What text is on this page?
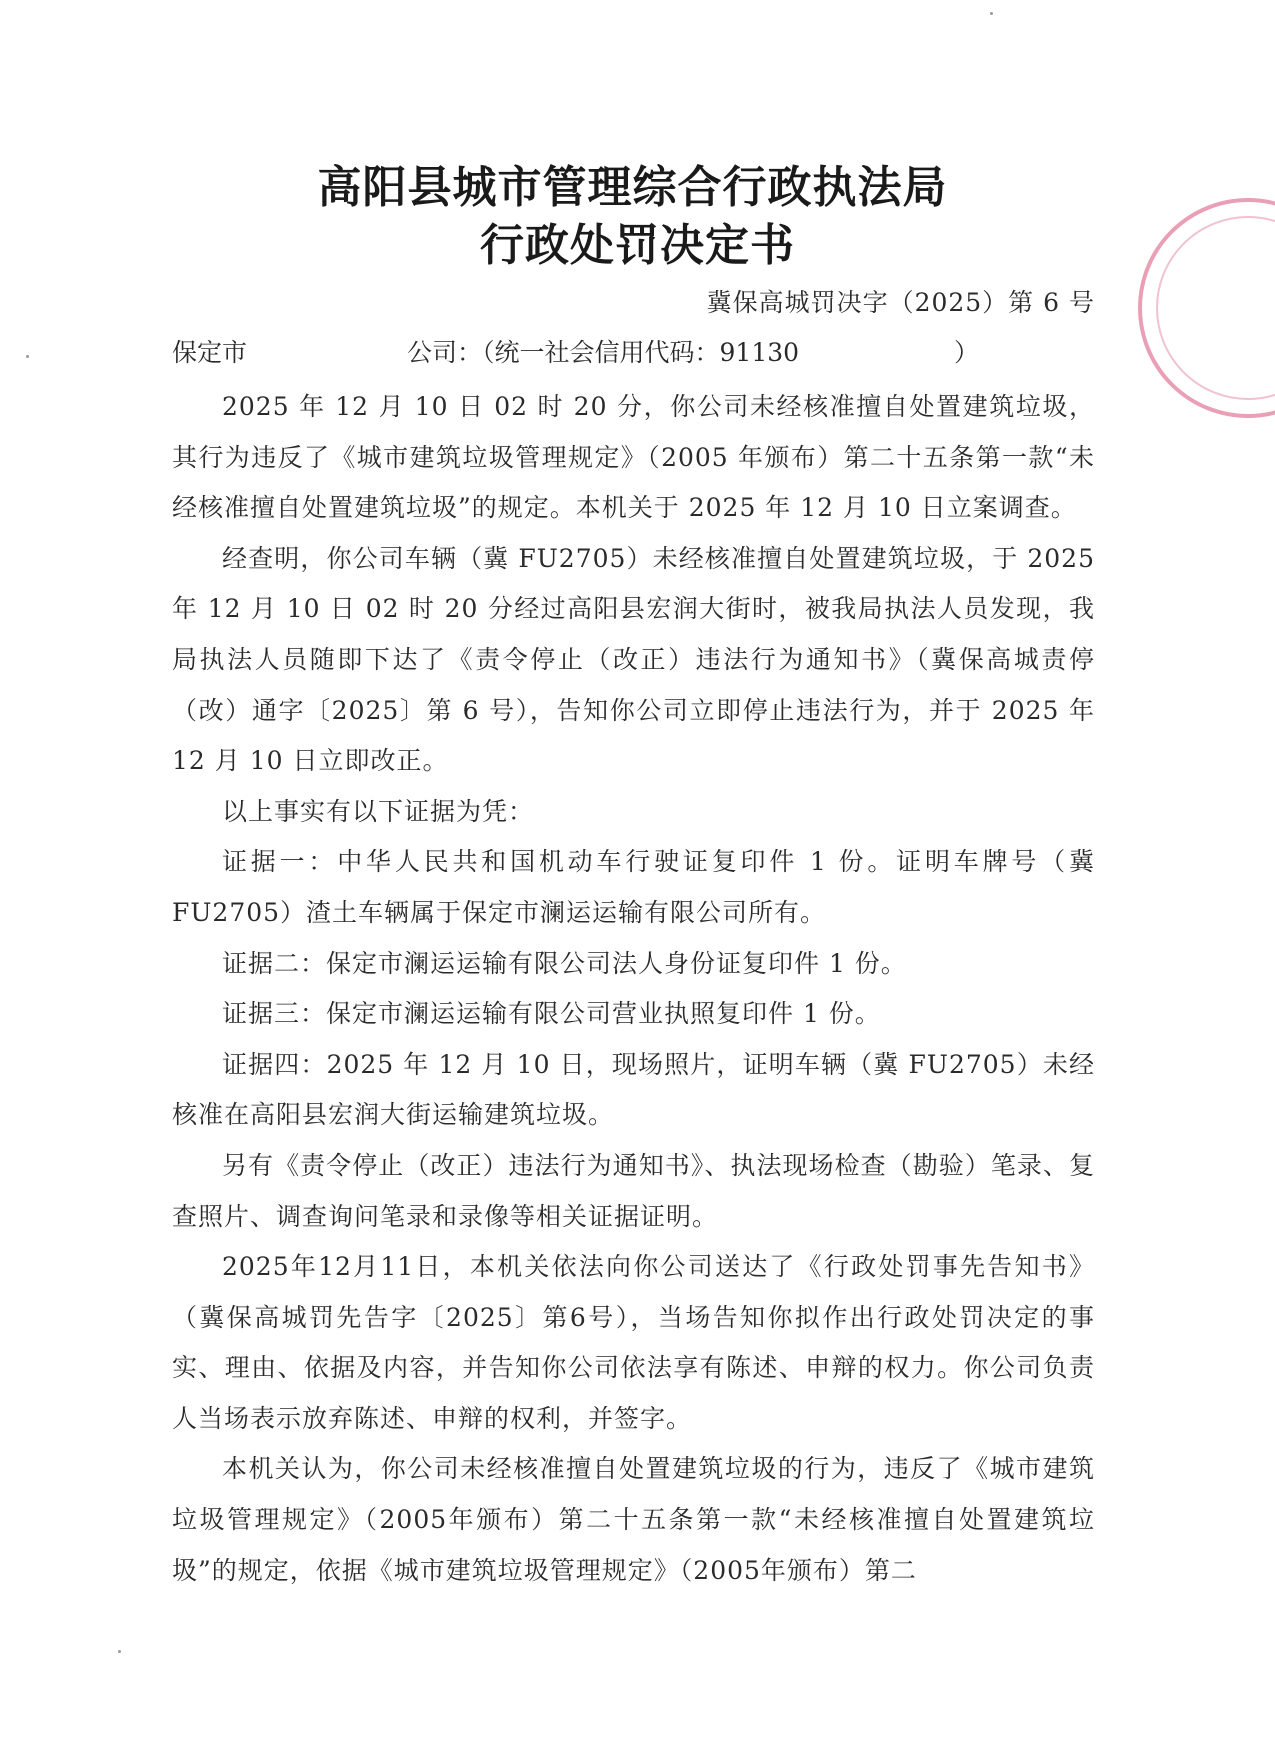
高阳县城市管理综合行政执法局
行政处罚决定书
冀保高城罚决字（2025）第 6 号
保定市	公司：（统一社会信用代码：91130	）

2025 年 12 月 10 日 02 时 20 分，你公司未经核准擅自处置建筑垃圾，其行为违反了《城市建筑垃圾管理规定》（2005 年颁布）第二十五条第一款“未经核准擅自处置建筑垃圾”的规定。本机关于 2025 年 12 月 10 日立案调查。

经查明，你公司车辆（冀 FU2705）未经核准擅自处置建筑垃圾，于 2025 年 12 月 10 日 02 时 20 分经过高阳县宏润大街时，被我局执法人员发现，我局执法人员随即下达了《责令停止（改正）违法行为通知书》（冀保高城责停（改）通字〔2025〕第 6 号），告知你公司立即停止违法行为，并于 2025 年 12 月 10 日立即改正。

以上事实有以下证据为凭：

证据一：中华人民共和国机动车行驶证复印件 1 份。证明车牌号（冀 FU2705）渣土车辆属于保定市澜运运输有限公司所有。

证据二：保定市澜运运输有限公司法人身份证复印件 1 份。

证据三：保定市澜运运输有限公司营业执照复印件 1 份。

证据四：2025 年 12 月 10 日，现场照片，证明车辆（冀 FU2705）未经核准在高阳县宏润大街运输建筑垃圾。

另有《责令停止（改正）违法行为通知书》、执法现场检查（勘验）笔录、复查照片、调查询问笔录和录像等相关证据证明。

2025年12月11日，本机关依法向你公司送达了《行政处罚事先告知书》（冀保高城罚先告字〔2025〕第6号），当场告知你拟作出行政处罚决定的事实、理由、依据及内容，并告知你公司依法享有陈述、申辩的权力。你公司负责人当场表示放弃陈述、申辩的权利，并签字。

本机关认为，你公司未经核准擅自处置建筑垃圾的行为，违反了《城市建筑垃圾管理规定》（2005年颁布）第二十五条第一款“未经核准擅自处置建筑垃圾”的规定，依据《城市建筑垃圾管理规定》（2005年颁布）第二
